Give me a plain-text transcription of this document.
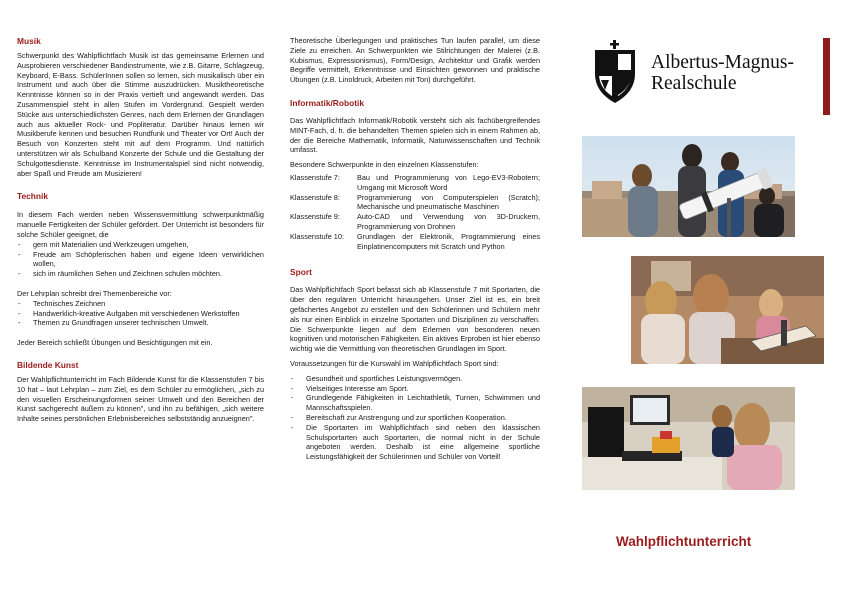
Musik

Schwerpunkt des Wahlpflichtfach Musik ist das gemeinsame Erlernen und Ausprobieren verschiedener Bandinstrumente, wie z.B. Gitarre, Schlagzeug, Keyboard, E-Bass. SchülerInnen sollen so lernen, sich musikalisch über ein Instrument und auch über die Stimme auszudrücken. Musiktheoretische Kenntnisse können so in der Praxis vertieft und angewandt werden. Das Zusammenspiel steht in allen Stufen im Vordergrund. Gespielt werden Stücke aus unterschiedlichsten Genres, nach dem Erlernen der Grundlagen auch aus aktueller Rock- und Popliteratur. Darüber hinaus lernen wir Musikberufe kennen und besuchen Rundfunk und Theater vor Ort! Auch der Besuch von Konzerten steht mit auf dem Programm. Und natürlich unterstützen wir als Schulband Konzerte der Schule und die Gestaltung der Schulgottesdienste. Kenntnisse im Instrumentalspiel sind nicht notwendig, aber Spaß und Freude am Musizieren!

Technik

In diesem Fach werden neben Wissensvermittlung schwerpunktmäßig manuelle Fertigkeiten der Schüler gefördert. Der Unterricht ist besonders für solche Schüler geeignet, die

- gern mit Materialien und Werkzeugen umgehen,
- Freude am Schöpferischen haben und eigene Ideen verwirklichen wollen,
- sich im räumlichen Sehen und Zeichnen schulen möchten.

Der Lehrplan schreibt drei Themenbereiche vor:

- Technisches Zeichnen
- Handwerklich-kreative Aufgaben mit verschiedenen Werkstoffen
- Themen zu Grundfragen unserer technischen Umwelt.

Jeder Bereich schließt Übungen und Besichtigungen mit ein.

Bildende Kunst

Der Wahlpflichtunterricht im Fach Bildende Kunst für die Klassenstufen 7 bis 10 hat – laut Lehrplan – zum Ziel, es dem Schüler zu ermöglichen, „sich zu den visuellen Erscheinungsformen seiner Umwelt und den Bereichen der Kunst sachgerecht äußern zu können", und ihn zu befähigen, „sich weitere Inhalte seines persönlichen Erlebnisbereiches selbstständig anzueignen".

Theoretische Überlegungen und praktisches Tun laufen parallel, um diese Ziele zu erreichen. An Schwerpunkten wie Stilrichtungen der Malerei (z.B. Kubismus, Expressionismus), Form/Design, Architektur und Grafik werden Begriffe vermittelt, Erkenntnisse und Einsichten gewonnen und praktische Übungen (z.B. Linoldruck, Arbeiten mit Ton) durchgeführt.

Informatik/Robotik

Das Wahlpflichtfach Informatik/Robotik versteht sich als fachübergreifendes MINT-Fach, d. h. die behandelten Themen spielen sich in einem Rahmen ab, der die Bereiche Mathematik, Informatik, Naturwissenschaften und Technik umfasst.

Besondere Schwerpunkte in den einzelnen Klassenstufen:

Klassenstufe 7:	Bau und Programmierung von Lego-EV3-Robotern; Umgang mit Microsoft Word
Klassenstufe 8:	Programmierung von Computerspielen (Scratch); Mechanische und pneumatische Maschinen
Klassenstufe 9:	Auto-CAD und Verwendung von 3D-Druckern, Programmierung von Drohnen
Klassenstufe 10:	Grundlagen der Elektronik, Programmierung eines Einplatinencomputers mit Scratch und Python
Sport

Das Wahlpflichtfach Sport befasst sich ab Klassenstufe 7 mit Sportarten, die über den regulären Unterricht hinausgehen. Unser Ziel ist es, ein breit gefächertes Angebot zu erstellen und den Schülerinnen und Schülern mehr als nur einen Einblick in einzelne Sportarten und Disziplinen zu verschaffen. Die Schwerpunkte liegen auf dem Erlernen von besonderen neuen kognitiven und motorischen Fähigkeiten. Ein aktives Erproben ist hier ebenso wichtig wie die Vermittlung von theoretischen Grundlagen im Sport.

Voraussetzungen für die Kurswahl im Wahlpflichtfach Sport sind:

- Gesundheit und sportliches Leistungsvermögen.
- Vielseitiges Interesse am Sport.
- Grundlegende Fähigkeiten in Leichtathletik, Turnen, Schwimmen und Mannschaftsspielen.
- Bereitschaft zur Anstrengung und zur sportlichen Kooperation.
- Die Sportarten im Wahlpflichtfach sind neben den klassischen Schulsportarten auch Sportarten, die normal nicht in der Schule angeboten werden. Deshalb ist eine allgemeine sportliche Leistungsfähigkeit der Schülerinnen und Schüler von Vorteil!
Albertus-Magnus-
Realschule
Wahlpflichtunterricht
